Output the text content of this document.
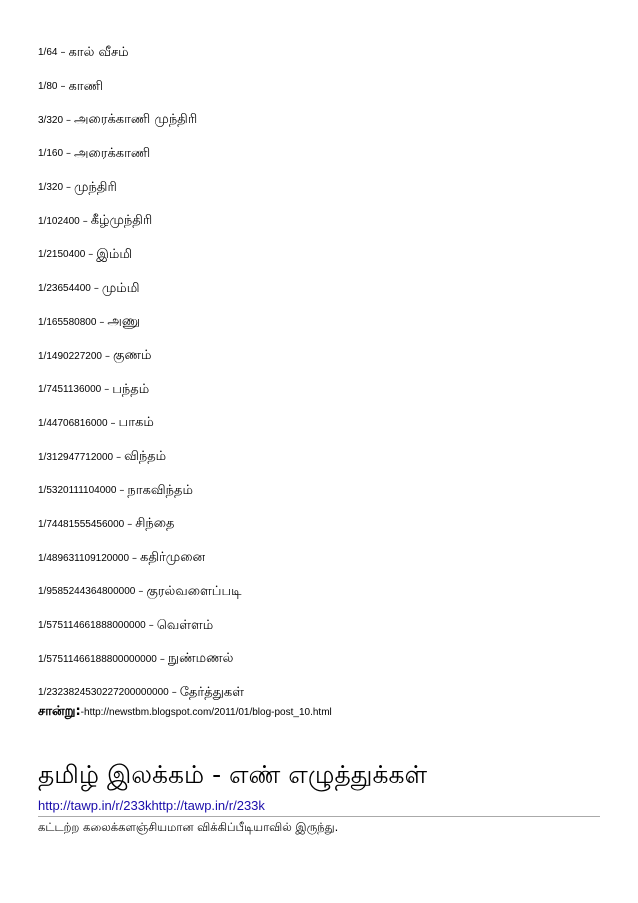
1/64 – கால் வீசம்
1/80 – காணி
3/320 – அரைக்காணி முந்திரி
1/160 – அரைக்காணி
1/320 – முந்திரி
1/102400 – கீழ்முந்திரி
1/2150400 – இம்மி
1/23654400 – மும்மி
1/165580800 – அணு
1/1490227200 – குணம்
1/7451136000 – பந்தம்
1/44706816000 – பாகம்
1/312947712000 – விந்தம்
1/5320111104000 – நாகவிந்தம்
1/74481555456000 – சிந்தை
1/489631109120000 – கதிர்முனை
1/9585244364800000 – குரல்வளைப்படி
1/575114661888000000 – வெள்ளம்
1/57511466188800000000 – நுண்மணல்
1/2323824530227200000000 – தேர்த்துகள்
சான்று: -http://newstbm.blogspot.com/2011/01/blog-post_10.html
தமிழ் இலக்கம் - எண் எழுத்துக்கள்
http://tawp.in/r/233khttp://tawp.in/r/233k
கட்டற்ற கலைக்களஞ்சியமான விக்கிப்பீடியாவில் இருந்து.
